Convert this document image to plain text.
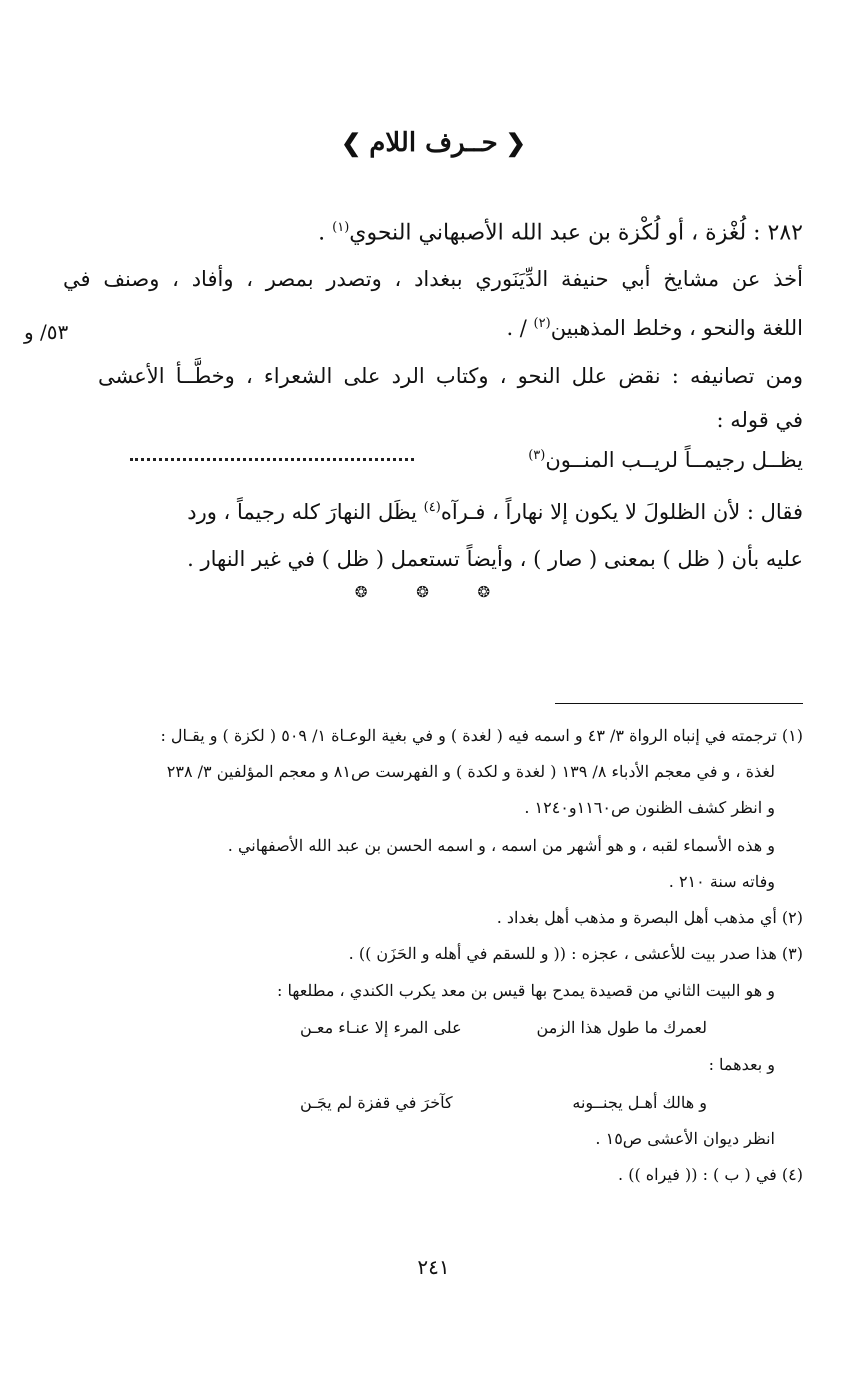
❮حــرف اللام❯
٢٨٢ : لُغْزة ، أو لُكْزة بن عبد الله الأصبهاني النحوي$^{(١)}$ .
أخذ عن مشايخ أبي حنيفة الدِّيَنَوري ببغداد ، وتصدر بمصر ، وأفاد ، وصنف في
اللغة والنحو ، وخلط المذهبين$^{(٢)}$ / .
٥٣/ و
ومن تصانيفه : نقض علل النحو ، وكتاب الرد على الشعراء ، وخطَّــأ الأعشى
في قوله :
يظــل رجيمــاً لريــب المنــون$^{(٣)}$
فقال : لأن الظلولَ لا يكون إلا نهاراً ، فـرآه$^{(٤)}$ يظَل النهارَ كله رجيماً ، ورد
عليه بأن ( ظل ) بمعنى ( صار ) ، وأيضاً تستعمل ( ظل ) في غير النهار .
❂ ❂ ❂
(١) ترجمته في إنباه الرواة ٣/ ٤٣ و اسمه فيه ( لغدة ) و في بغية الوعـاة ١/ ٥٠٩ ( لكزة ) و يقـال :
لغذة ، و في معجم الأدباء ٨/ ١٣٩ ( لغدة و لكدة ) و الفهرست ص٨١ و معجم المؤلفين ٣/ ٢٣٨
و انظر كشف الظنون ص١١٦٠و١٢٤٠ .
و هذه الأسماء لقبه ، و هو أشهر من اسمه ، و اسمه الحسن بن عبد الله الأصفهاني .
وفاته سنة ٢١٠ .
(٢) أي مذهب أهل البصرة و مذهب أهل بغداد .
(٣) هذا صدر بيت للأعشى ، عجزه : (( و للسقم في أهله و الحَزَن )) .
و هو البيت الثاني من قصيدة يمدح بها قيس بن معد يكرب الكندي ، مطلعها :
لعمرك ما طول هذا الزمن
على المرء إلا عنـاء معـن
و بعدهما :
و هالك أهـل يجنــونه
كآخرَ في قفزة لم يجَـن
انظر ديوان الأعشى ص١٥ .
(٤) في ( ب ) : (( فيراه )) .
٢٤١
